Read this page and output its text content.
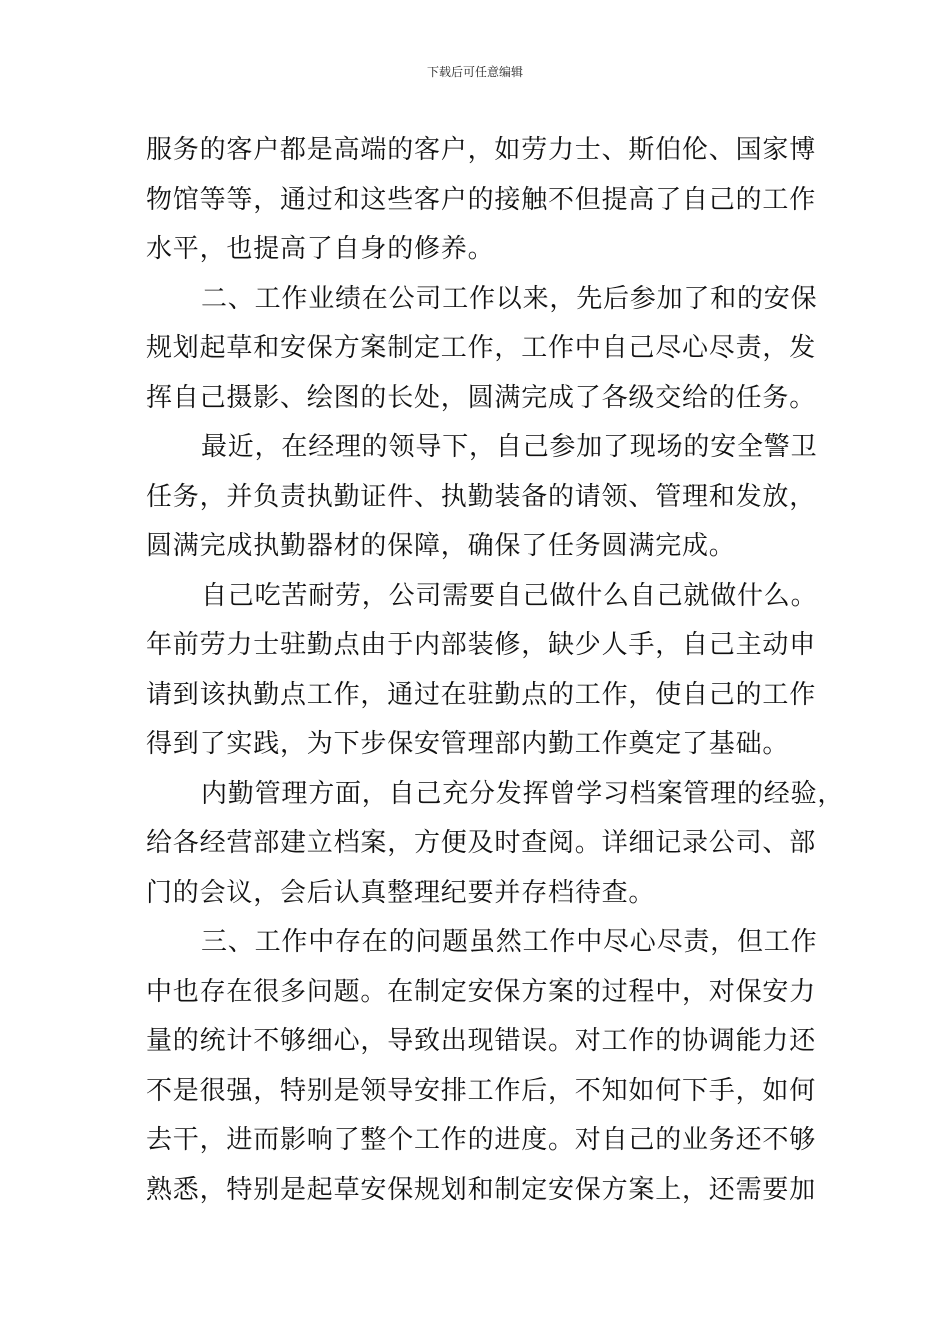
下载后可任意编辑
服务的客户都是高端的客户，如劳力士、斯伯伦、国家博
物馆等等，通过和这些客户的接触不但提高了自己的工作
水平，也提高了自身的修养。
二、工作业绩在公司工作以来，先后参加了和的安保
规划起草和安保方案制定工作，工作中自己尽心尽责，发
挥自己摄影、绘图的长处，圆满完成了各级交给的任务。
最近，在经理的领导下，自己参加了现场的安全警卫
任务，并负责执勤证件、执勤装备的请领、管理和发放，
圆满完成执勤器材的保障，确保了任务圆满完成。
自己吃苦耐劳，公司需要自己做什么自己就做什么。
年前劳力士驻勤点由于内部装修，缺少人手，自己主动申
请到该执勤点工作，通过在驻勤点的工作，使自己的工作
得到了实践，为下步保安管理部内勤工作奠定了基础。
内勤管理方面，自己充分发挥曾学习档案管理的经验，
给各经营部建立档案，方便及时查阅。详细记录公司、部
门的会议，会后认真整理纪要并存档待查。
三、工作中存在的问题虽然工作中尽心尽责，但工作
中也存在很多问题。在制定安保方案的过程中，对保安力
量的统计不够细心，导致出现错误。对工作的协调能力还
不是很强，特别是领导安排工作后，不知如何下手，如何
去干，进而影响了整个工作的进度。对自己的业务还不够
熟悉，特别是起草安保规划和制定安保方案上，还需要加
